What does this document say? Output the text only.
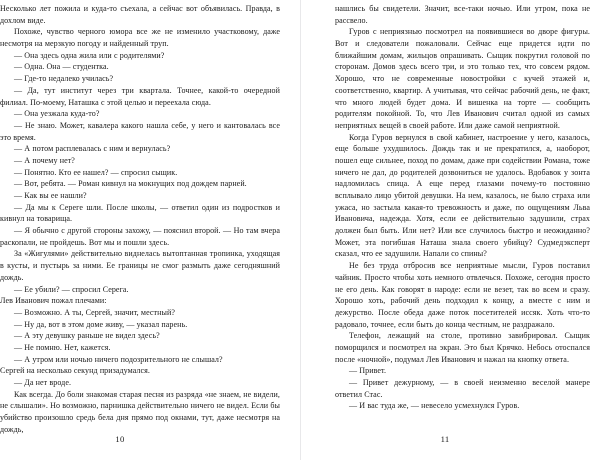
Несколько лет пожила и куда-то съехала, а сейчас вот объявилась. Правда, в дохлом виде.

Похоже, чувство черного юмора все же не изменило участковому, даже несмотря на мерзкую погоду и найденный труп.

— Она здесь одна жила или с родителями?

— Одна. Она — студентка.

— Где-то недалеко училась?

— Да, тут институт через три квартала. Точнее, какой-то очередной филиал. По-моему, Наташка с этой целью и переехала сюда.

— Она уезжала куда-то?

— Не знаю. Может, кавалера какого нашла себе, у него и кантовалась все это время.

— А потом расплевалась с ним и вернулась?

— А почему нет?

— Понятно. Кто ее нашел? — спросил сыщик.

— Вот, ребята. — Роман кивнул на мокнущих под дождем парней.

— Как вы ее нашли?

— Да мы к Сереге шли. После школы, — ответил один из подростков и кивнул на товарища.

— Я обычно с другой стороны захожу, — пояснил второй. — Но там вчера раскопали, не пройдешь. Вот мы и пошли здесь.

За «Жигулями» действительно виднелась вытоптанная тропинка, уходящая в кусты, и пустырь за ними. Ее границы не смог размыть даже сегодняшний дождь.

— Ее убили? — спросил Серега.

Лев Иванович пожал плечами:

— Возможно. А ты, Сергей, значит, местный?

— Ну да, вот в этом доме живу, — указал парень.

— А эту девушку раньше не видел здесь?

— Не помню. Нет, кажется.

— А утром или ночью ничего подозрительного не слышал?

Сергей на несколько секунд призадумался.

— Да нет вроде.

Как всегда. До боли знакомая старая песня из разряда «не знаем, не видели, не слышали». Но возможно, парнишка действительно ничего не видел. Если бы убийство произошло средь бела дня прямо под окнами, тут, даже несмотря на дождь,

нашлись бы свидетели. Значит, все-таки ночью. Или утром, пока не рассвело.

Гуров с неприязнью посмотрел на появившиеся во дворе фигуры. Вот и следователи пожаловали. Сейчас еще придется идти по ближайшим домам, жильцов опрашивать. Сыщик покрутил головой по сторонам. Домов здесь всего три, и это только тех, что совсем рядом. Хорошо, что не современные новостройки с кучей этажей и, соответственно, квартир. А учитывая, что сейчас рабочий день, не факт, что много людей будет дома. И вишенка на торте — сообщить родителям покойной. То, что Лев Иванович считал одной из самых неприятных вещей в своей работе. Или даже самой неприятной.

Когда Гуров вернулся в свой кабинет, настроение у него, казалось, еще больше ухудшилось. Дождь так и не прекратился, а, наоборот, пошел еще сильнее, поход по домам, даже при содействии Романа, тоже ничего не дал, до родителей дозвониться не удалось. Вдобавок у зонта надломилась спица. А еще перед глазами почему-то постоянно всплывало лицо убитой девушки. На нем, казалось, не было страха или ужаса, но застыла какая-то тревожность и даже, по ощущениям Льва Ивановича, надежда. Хотя, если ее действительно задушили, страх должен был быть. Или нет? Или все случилось быстро и неожиданно? Может, эта погибшая Наташа знала своего убийцу? Судмедэксперт сказал, что ее задушили. Напали со спины?

Не без труда отбросив все неприятные мысли, Гуров поставил чайник. Просто чтобы хоть немного отвлечься. Похоже, сегодня просто не его день. Как говорят в народе: если не везет, так во всем и сразу. Хорошо хоть, рабочий день подходил к концу, а вместе с ним и дежурство. После обеда даже поток посетителей иссяк. Хоть что-то радовало, точнее, если быть до конца честным, не раздражало.

Телефон, лежащий на столе, противно завибрировал. Сыщик поморщился и посмотрел на экран. Это был Крячко. Небось отоспался после «ночной», подумал Лев Иванович и нажал на кнопку ответа.

— Привет.

— Привет дежурному, — в своей неизменно веселой манере ответил Стас.

— И вас туда же, — невесело усмехнулся Гуров.

10	11
